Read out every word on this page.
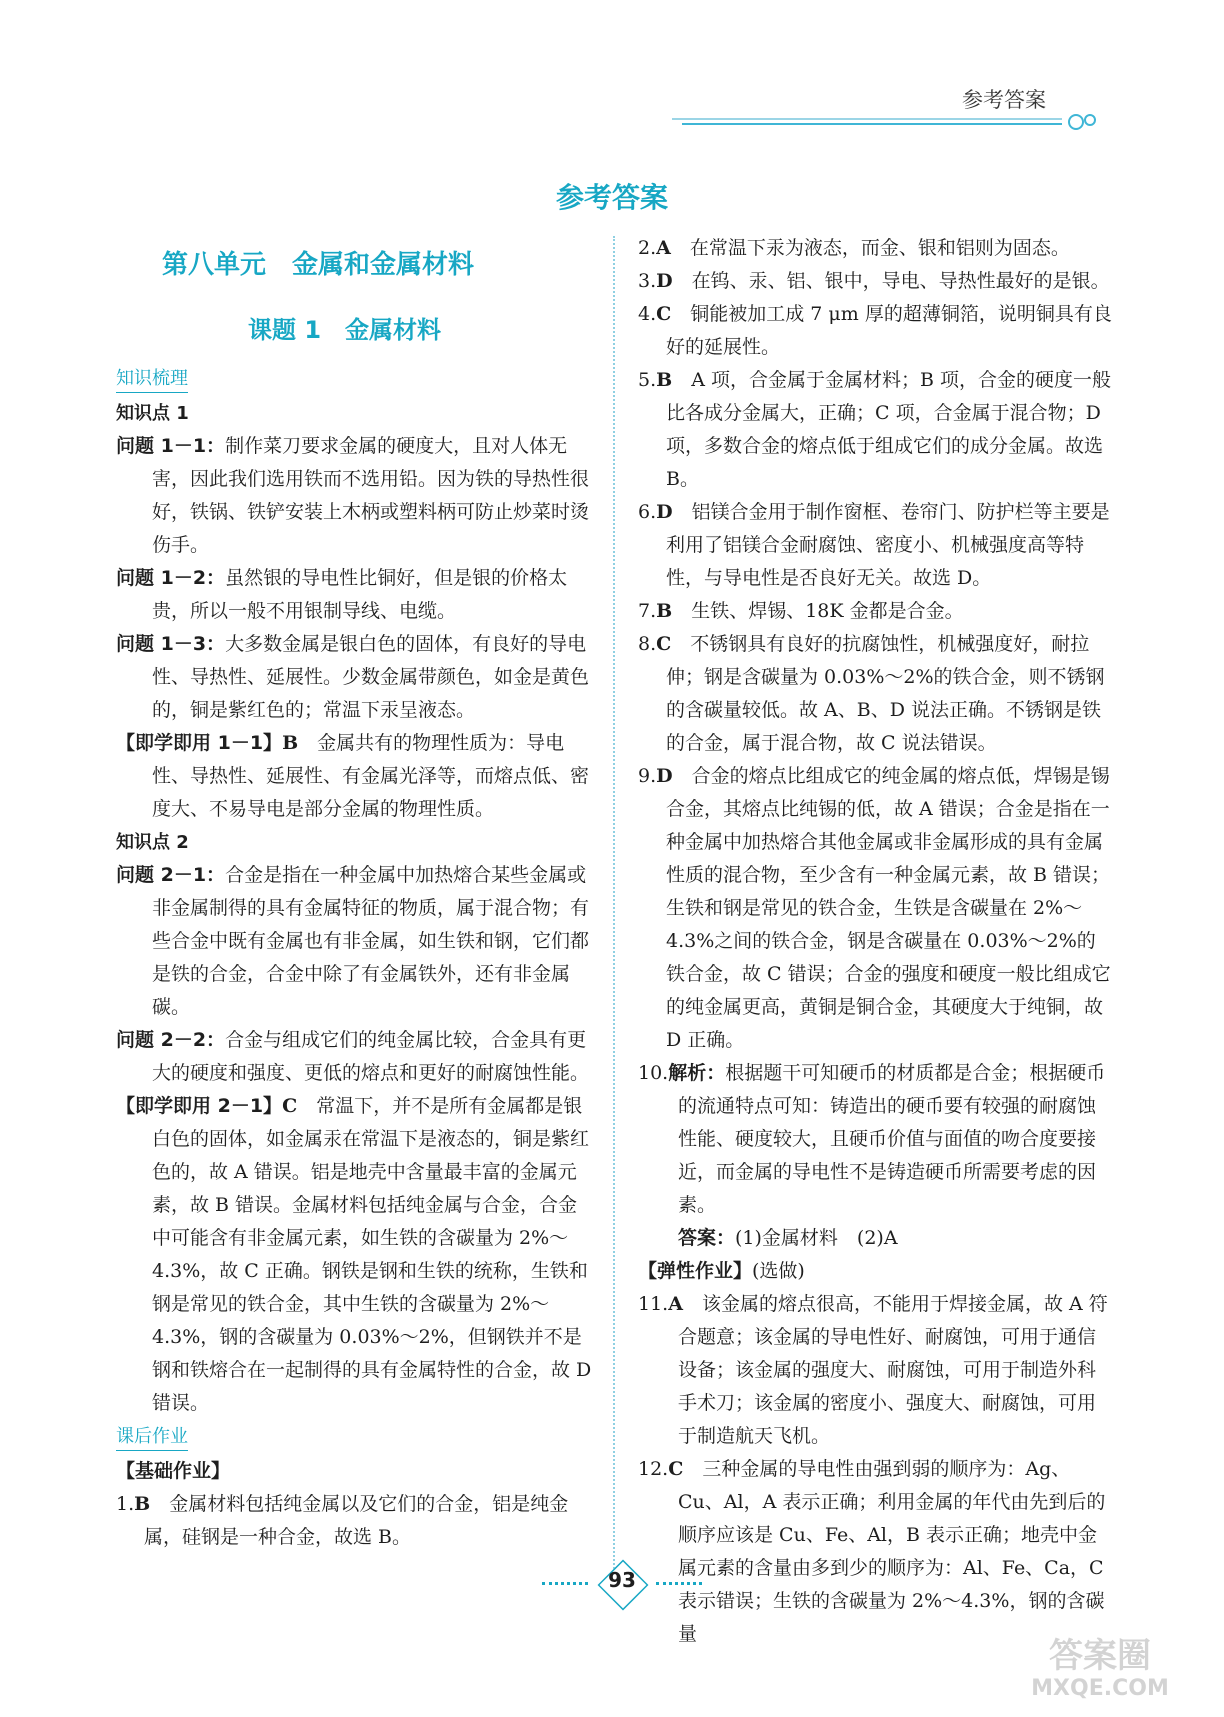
参考答案
参考答案
第八单元　金属和金属材料
课题 1　金属材料
知识梳理

知识点 1

问题 1－1：制作菜刀要求金属的硬度大，且对人体无害，因此我们选用铁而不选用铅。因为铁的导热性很好，铁锅、铁铲安装上木柄或塑料柄可防止炒菜时烫伤手。

问题 1－2：虽然银的导电性比铜好，但是银的价格太贵，所以一般不用银制导线、电缆。

问题 1－3：大多数金属是银白色的固体，有良好的导电性、导热性、延展性。少数金属带颜色，如金是黄色的，铜是紫红色的；常温下汞呈液态。

【即学即用 1－1】B　金属共有的物理性质为：导电性、导热性、延展性、有金属光泽等，而熔点低、密度大、不易导电是部分金属的物理性质。

知识点 2

问题 2－1：合金是指在一种金属中加热熔合某些金属或非金属制得的具有金属特征的物质，属于混合物；有些合金中既有金属也有非金属，如生铁和钢，它们都是铁的合金，合金中除了有金属铁外，还有非金属碳。

问题 2－2：合金与组成它们的纯金属比较，合金具有更大的硬度和强度、更低的熔点和更好的耐腐蚀性能。

【即学即用 2－1】C　常温下，并不是所有金属都是银白色的固体，如金属汞在常温下是液态的，铜是紫红色的，故 A 错误。铝是地壳中含量最丰富的金属元素，故 B 错误。金属材料包括纯金属与合金，合金中可能含有非金属元素，如生铁的含碳量为 2%～4.3%，故 C 正确。钢铁是钢和生铁的统称，生铁和钢是常见的铁合金，其中生铁的含碳量为 2%～4.3%，钢的含碳量为 0.03%～2%，但钢铁并不是钢和铁熔合在一起制得的具有金属特性的合金，故 D 错误。

课后作业

【基础作业】

1.B　金属材料包括纯金属以及它们的合金，铝是纯金属，硅钢是一种合金，故选 B。

2.A　在常温下汞为液态，而金、银和铝则为固态。

3.D　在钨、汞、铝、银中，导电、导热性最好的是银。

4.C　铜能被加工成 7 μm 厚的超薄铜箔，说明铜具有良好的延展性。

5.B　A 项，合金属于金属材料；B 项，合金的硬度一般比各成分金属大，正确；C 项，合金属于混合物；D 项，多数合金的熔点低于组成它们的成分金属。故选 B。

6.D　铝镁合金用于制作窗框、卷帘门、防护栏等主要是利用了铝镁合金耐腐蚀、密度小、机械强度高等特性，与导电性是否良好无关。故选 D。

7.B　生铁、焊锡、18K 金都是合金。

8.C　不锈钢具有良好的抗腐蚀性，机械强度好，耐拉伸；钢是含碳量为 0.03%～2%的铁合金，则不锈钢的含碳量较低。故 A、B、D 说法正确。不锈钢是铁的合金，属于混合物，故 C 说法错误。

9.D　合金的熔点比组成它的纯金属的熔点低，焊锡是锡合金，其熔点比纯锡的低，故 A 错误；合金是指在一种金属中加热熔合其他金属或非金属形成的具有金属性质的混合物，至少含有一种金属元素，故 B 错误；生铁和钢是常见的铁合金，生铁是含碳量在 2%～4.3%之间的铁合金，钢是含碳量在 0.03%～2%的铁合金，故 C 错误；合金的强度和硬度一般比组成它的纯金属更高，黄铜是铜合金，其硬度大于纯铜，故 D 正确。

10.解析：根据题干可知硬币的材质都是合金；根据硬币的流通特点可知：铸造出的硬币要有较强的耐腐蚀性能、硬度较大，且硬币价值与面值的吻合度要接近，而金属的导电性不是铸造硬币所需要考虑的因素。

答案：(1)金属材料　(2)A

【弹性作业】(选做)

11.A　该金属的熔点很高，不能用于焊接金属，故 A 符合题意；该金属的导电性好、耐腐蚀，可用于通信设备；该金属的强度大、耐腐蚀，可用于制造外科手术刀；该金属的密度小、强度大、耐腐蚀，可用于制造航天飞机。

12.C　三种金属的导电性由强到弱的顺序为：Ag、Cu、Al，A 表示正确；利用金属的年代由先到后的顺序应该是 Cu、Fe、Al，B 表示正确；地壳中金属元素的含量由多到少的顺序为：Al、Fe、Ca，C 表示错误；生铁的含碳量为 2%～4.3%，钢的含碳量

93
答案圈
MXQE.COM
